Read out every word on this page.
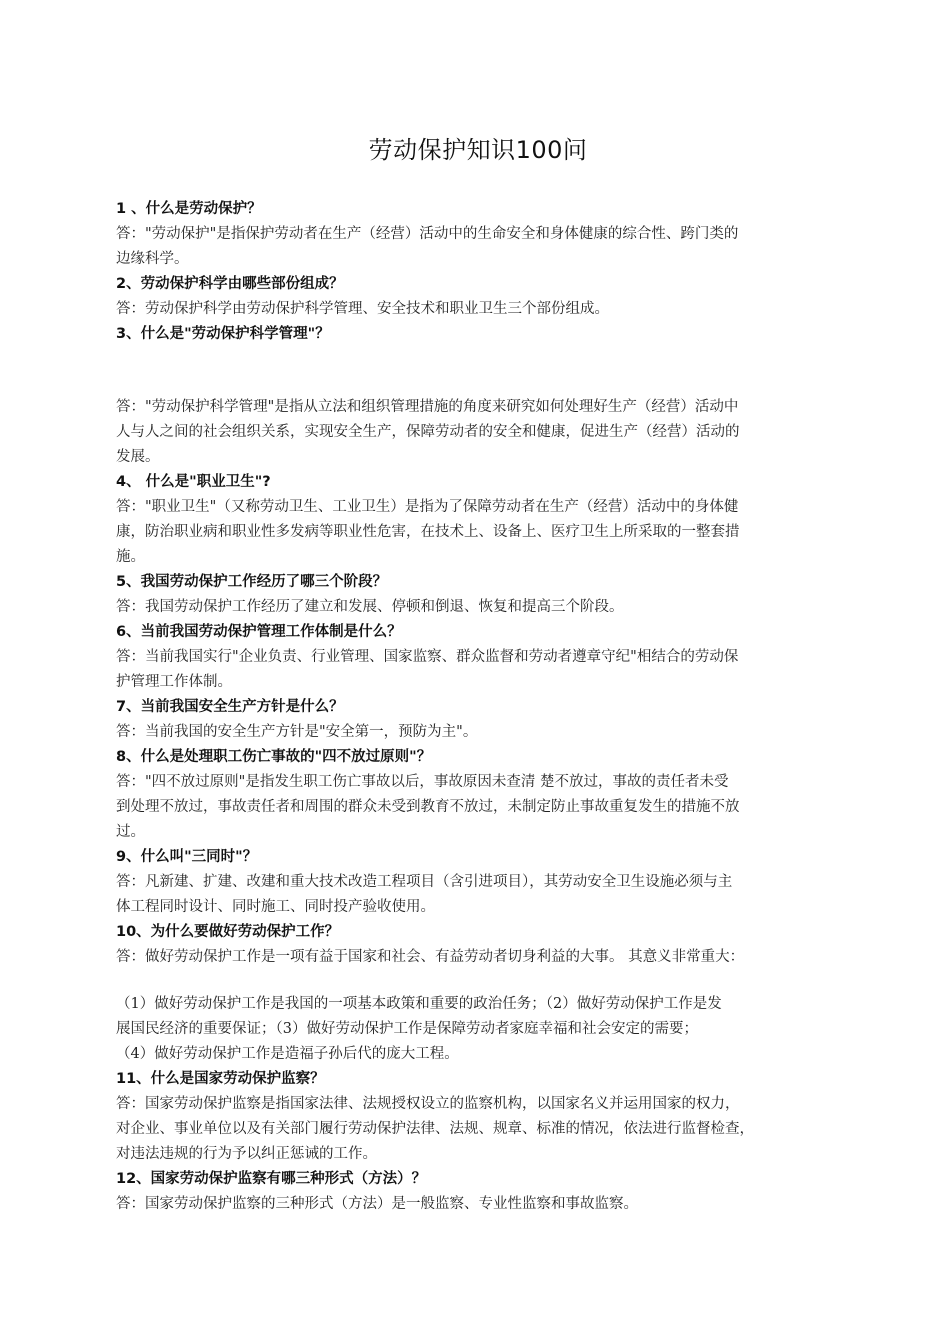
劳动保护知识100问
1 、什么是劳动保护？
答："劳动保护"是指保护劳动者在生产（经营）活动中的生命安全和身体健康的综合性、跨门类的
边缘科学。
2、劳动保护科学由哪些部份组成？
答：劳动保护科学由劳动保护科学管理、安全技术和职业卫生三个部份组成。
3、什么是"劳动保护科学管理"？
答："劳动保护科学管理"是指从立法和组织管理措施的角度来研究如何处理好生产（经营）活动中
人与人之间的社会组织关系，实现安全生产，保障劳动者的安全和健康，促进生产（经营）活动的
发展。
4、 什么是"职业卫生"?
答："职业卫生"（又称劳动卫生、工业卫生）是指为了保障劳动者在生产（经营）活动中的身体健
康，防治职业病和职业性多发病等职业性危害，在技术上、设备上、医疗卫生上所采取的一整套措
施。
5、我国劳动保护工作经历了哪三个阶段？
答：我国劳动保护工作经历了建立和发展、停顿和倒退、恢复和提高三个阶段。
6、当前我国劳动保护管理工作体制是什么？
答：当前我国实行"企业负责、行业管理、国家监察、群众监督和劳动者遵章守纪"相结合的劳动保
护管理工作体制。
7、当前我国安全生产方针是什么？
答：当前我国的安全生产方针是"安全第一，预防为主"。
8、什么是处理职工伤亡事故的"四不放过原则"？
答："四不放过原则"是指发生职工伤亡事故以后，事故原因未查清 楚不放过，事故的责任者未受
到处理不放过，事故责任者和周围的群众未受到教育不放过，未制定防止事故重复发生的措施不放
过。
9、什么叫"三同时"？
答：凡新建、扩建、改建和重大技术改造工程项目（含引进项目），其劳动安全卫生设施必须与主
体工程同时设计、同时施工、同时投产验收使用。
10、为什么要做好劳动保护工作？
答：做好劳动保护工作是一项有益于国家和社会、有益劳动者切身利益的大事。 其意义非常重大：
（1）做好劳动保护工作是我国的一项基本政策和重要的政治任务；（2）做好劳动保护工作是发
展国民经济的重要保证；（3）做好劳动保护工作是保障劳动者家庭幸福和社会安定的需要；
（4）做好劳动保护工作是造福子孙后代的庞大工程。
11、什么是国家劳动保护监察？
答：国家劳动保护监察是指国家法律、法规授权设立的监察机构，以国家名义并运用国家的权力，
对企业、事业单位以及有关部门履行劳动保护法律、法规、规章、标准的情况，依法进行监督检查，
对违法违规的行为予以纠正惩诫的工作。
12、国家劳动保护监察有哪三种形式（方法）？
答：国家劳动保护监察的三种形式（方法）是一般监察、专业性监察和事故监察。
